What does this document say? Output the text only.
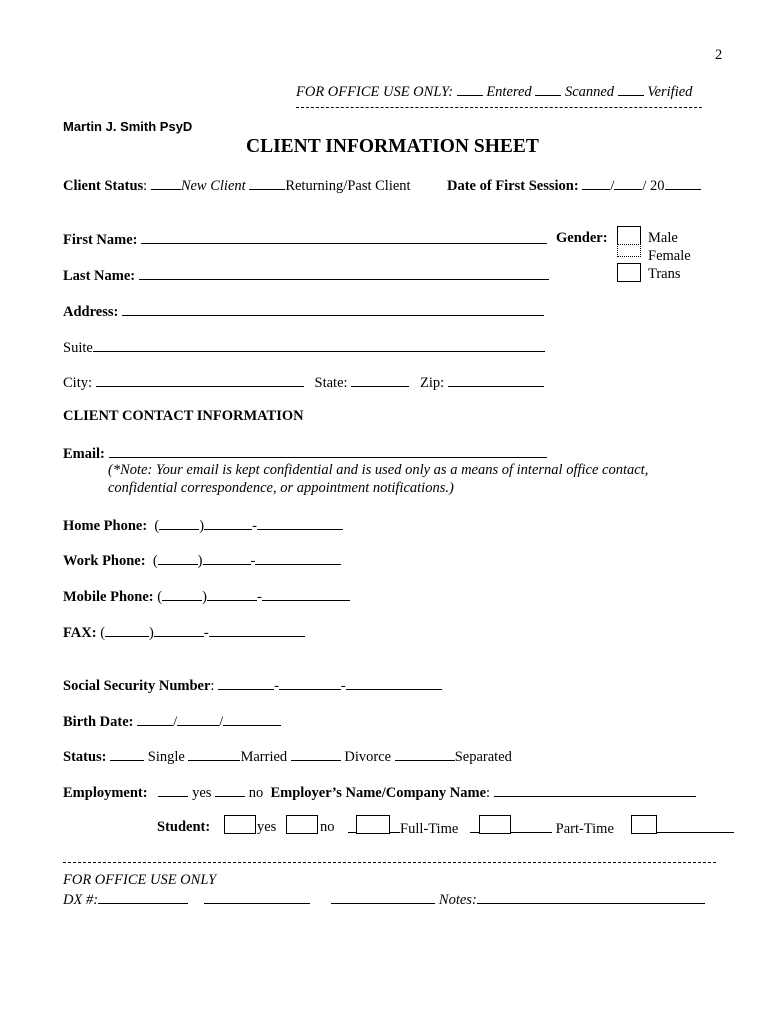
2
FOR OFFICE USE ONLY: Entered Scanned Verified
Martin J. Smith PsyD
CLIENT INFORMATION SHEET
Client Status: New Client	Returning/Past Client	Date of First Session: / / 20
First Name:
Last Name:
Gender:	Male
Female
Trans
Address:
Suite
City:	State:	Zip:
CLIENT CONTACT INFORMATION
Email:
(*Note: Your email is kept confidential and is used only as a means of internal office contact,
confidential correspondence, or appointment notifications.)
Home Phone:  (	)	-
Work Phone:  (	)	-
Mobile Phone: (	)	-
FAX: (	)	-
Social Security Number:	-	-
Birth Date:	/	/
Status:	Single	Married	Divorce	Separated
Employment:	yes	no Employer’s Name/Company Name:
Student:	yes	no	Full-Time	Part-Time
FOR OFFICE USE ONLY
DX #:	Notes:
